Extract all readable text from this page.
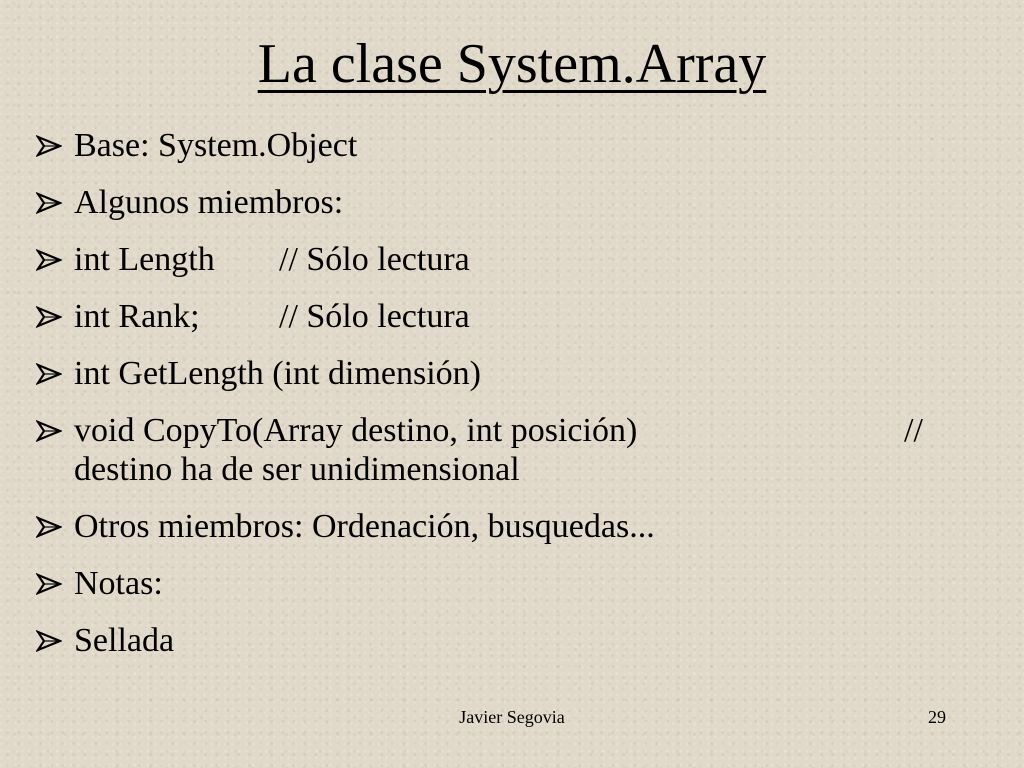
La clase System.Array
Base: System.Object
Algunos miembros:
int Length // Sólo lectura
int Rank; // Sólo lectura
int GetLength (int dimensión)
void CopyTo(Array destino, int posición)	//
destino ha de ser unidimensional
Otros miembros: Ordenación, busquedas...
Notas:
Sellada
Javier Segovia	29
